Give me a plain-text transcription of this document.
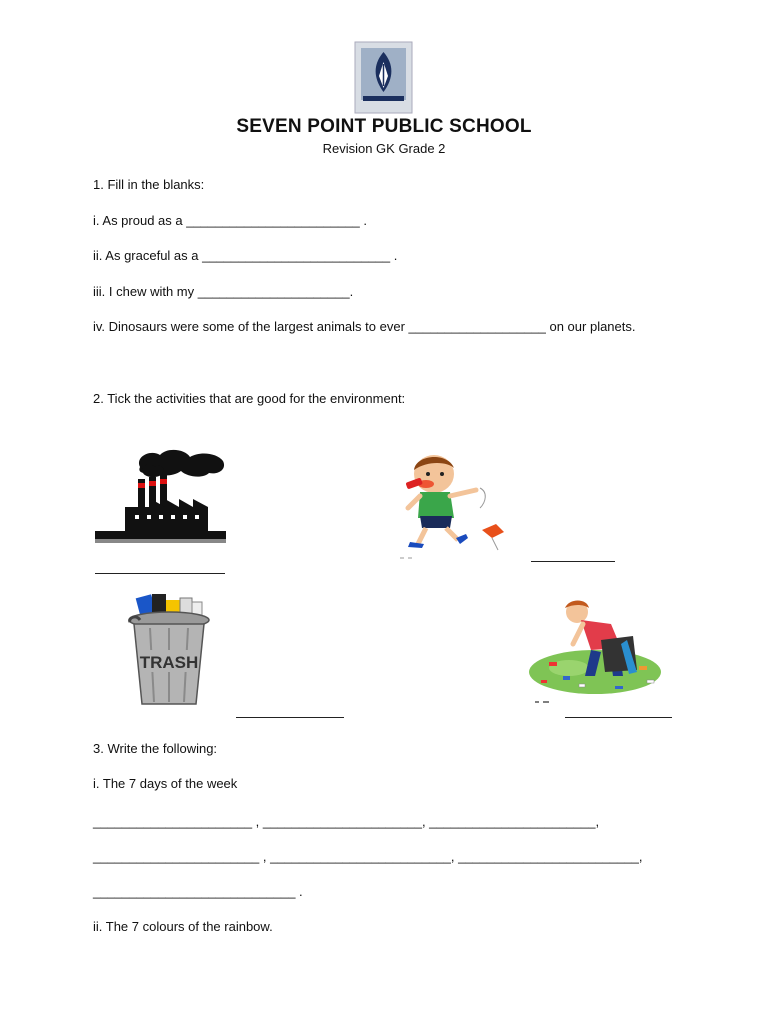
SEVEN POINT PUBLIC SCHOOL
Revision GK Grade 2
1. Fill in the blanks:
i. As proud as a ________________________ .
ii. As graceful as a __________________________ .
iii. I chew with my _____________________.
iv. Dinosaurs were some of the largest animals to ever ___________________ on our planets.
2. Tick the activities that are good for the environment:
TRASH
3. Write the following:
i. The 7 days of the week
______________________ , ______________________, _______________________,
_______________________ , _________________________, _________________________,
____________________________ .
ii. The 7 colours of the rainbow.
